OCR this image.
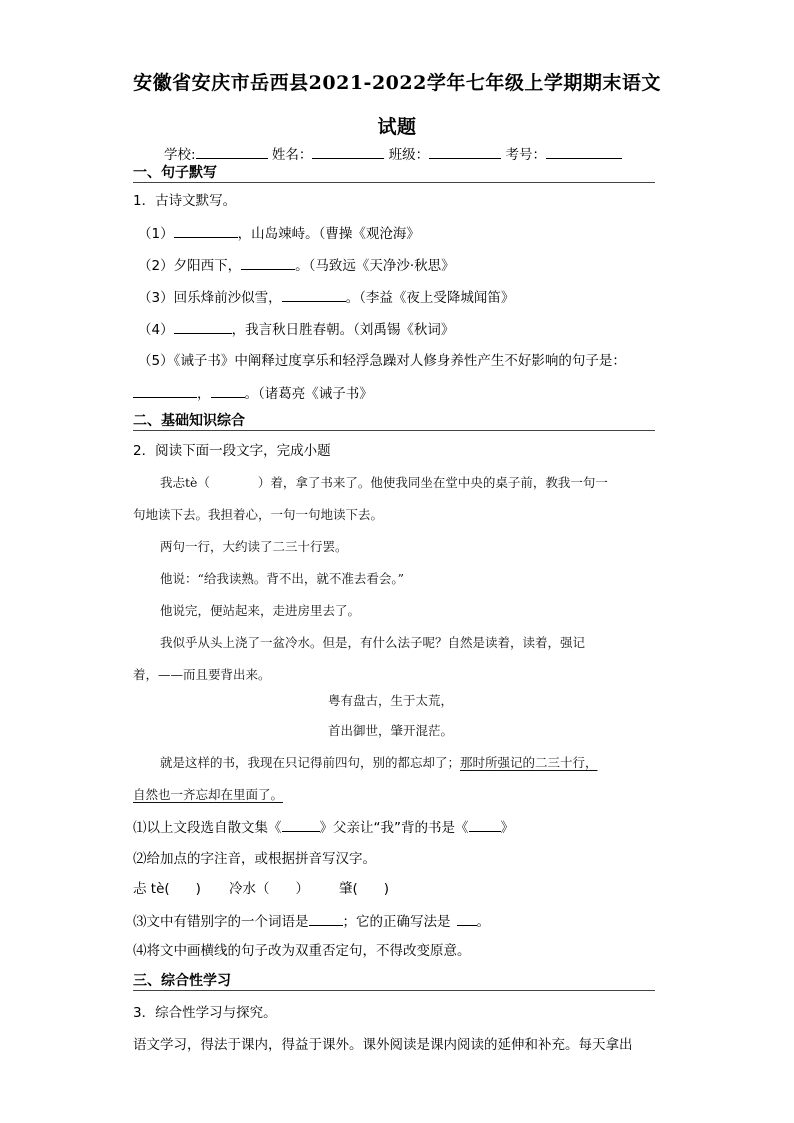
安徽省安庆市岳西县2021-2022学年七年级上学期期末语文
试题
学校:	姓名：	班级：	考号：
一、句子默写
1．古诗文默写。
（1）	，山岛竦峙。（曹操《观沧海》
（2）夕阳西下，	。（马致远《天净沙·秋思》
（3）回乐烽前沙似雪，	。（李益《夜上受降城闻笛》
（4）	，我言秋日胜春朝。（刘禹锡《秋词》
（5）《诫子书》中阐释过度享乐和轻浮急躁对人修身养性产生不好影响的句子是：
，	。（诸葛亮《诫子书》
二、基础知识综合
2．阅读下面一段文字，完成小题
我忐tè（	）着，拿了书来了。他使我同坐在堂中央的桌子前，教我一句一
句地读下去。我担着心，一句一句地读下去。
两句一行，大约读了二三十行罢。
他说：“给我读熟。背不出，就不准去看会。”
他说完，便站起来，走进房里去了。
我似乎从头上浇了一盆冷水。但是，有什么法子呢？自然是读着，读着，强记
着，——而且要背出来。
粤有盘古，生于太荒，
首出御世，肇开混茫。
就是这样的书，我现在只记得前四句，别的都忘却了；那时所强记的二三十行，
自然也一齐忘却在里面了。
⑴以上文段选自散文集《	》父亲让“我”背的书是《 》
⑵给加点的字注音，或根据拼音写汉字。
忐 tè( ) 冷水（ ） 肇( )
⑶文中有错别字的一个词语是	；它的正确写法是 。
⑷将文中画横线的句子改为双重否定句，不得改变原意。
三、综合性学习
3．综合性学习与探究。
语文学习，得法于课内，得益于课外。课外阅读是课内阅读的延伸和补充。每天拿出
